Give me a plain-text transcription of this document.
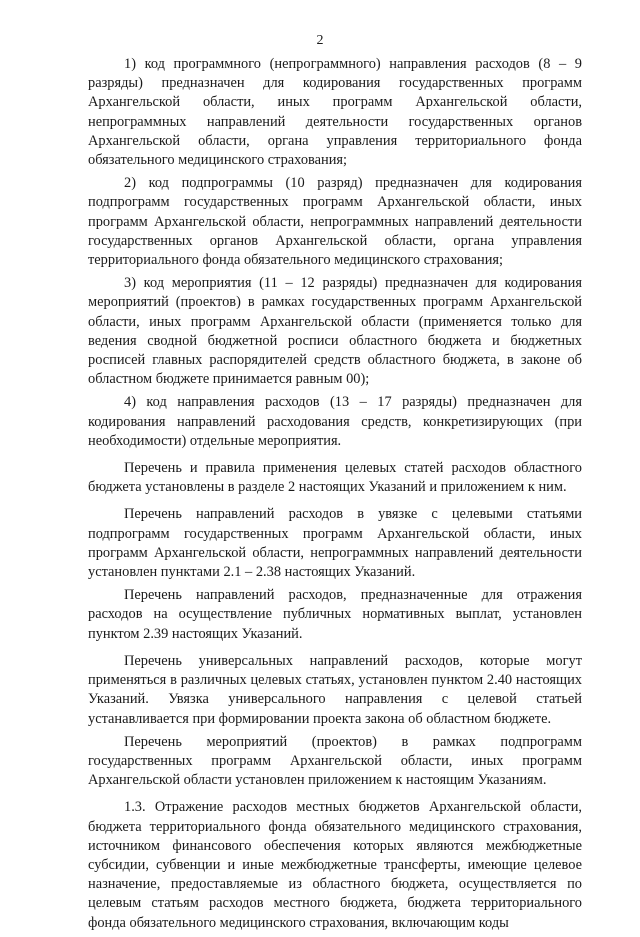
2

1) код программного (непрограммного) направления расходов (8 – 9 разряды) предназначен для кодирования государственных программ Архангельской области, иных программ Архангельской области, непрограммных направлений деятельности государственных органов Архангельской области, органа управления территориального фонда обязательного медицинского страхования;

2) код подпрограммы (10 разряд) предназначен для кодирования подпрограмм государственных программ Архангельской области, иных программ Архангельской области, непрограммных направлений деятельности государственных органов Архангельской области, органа управления территориального фонда обязательного медицинского страхования;

3) код мероприятия (11 – 12 разряды) предназначен для кодирования мероприятий (проектов) в рамках государственных программ Архангельской области, иных программ Архангельской области (применяется только для ведения сводной бюджетной росписи областного бюджета и бюджетных росписей главных распорядителей средств областного бюджета, в законе об областном бюджете принимается равным 00);

4) код направления расходов (13 – 17 разряды) предназначен для кодирования направлений расходования средств, конкретизирующих (при необходимости) отдельные мероприятия.

Перечень и правила применения целевых статей расходов областного бюджета установлены в разделе 2 настоящих Указаний и приложением к ним.

Перечень направлений расходов в увязке с целевыми статьями подпрограмм государственных программ Архангельской области, иных программ Архангельской области, непрограммных направлений деятельности установлен пунктами 2.1 – 2.38 настоящих Указаний.

Перечень направлений расходов, предназначенные для отражения расходов на осуществление публичных нормативных выплат, установлен пунктом 2.39 настоящих Указаний.

Перечень универсальных направлений расходов, которые могут применяться в различных целевых статьях, установлен пунктом 2.40 настоящих Указаний. Увязка универсального направления с целевой статьей устанавливается при формировании проекта закона об областном бюджете.

Перечень мероприятий (проектов) в рамках подпрограмм государственных программ Архангельской области, иных программ Архангельской области установлен приложением к настоящим Указаниям.

1.3. Отражение расходов местных бюджетов Архангельской области, бюджета территориального фонда обязательного медицинского страхования, источником финансового обеспечения которых являются межбюджетные субсидии, субвенции и иные межбюджетные трансферты, имеющие целевое назначение, предоставляемые из областного бюджета, осуществляется по целевым статьям расходов местного бюджета, бюджета территориального фонда обязательного медицинского страхования, включающим коды
